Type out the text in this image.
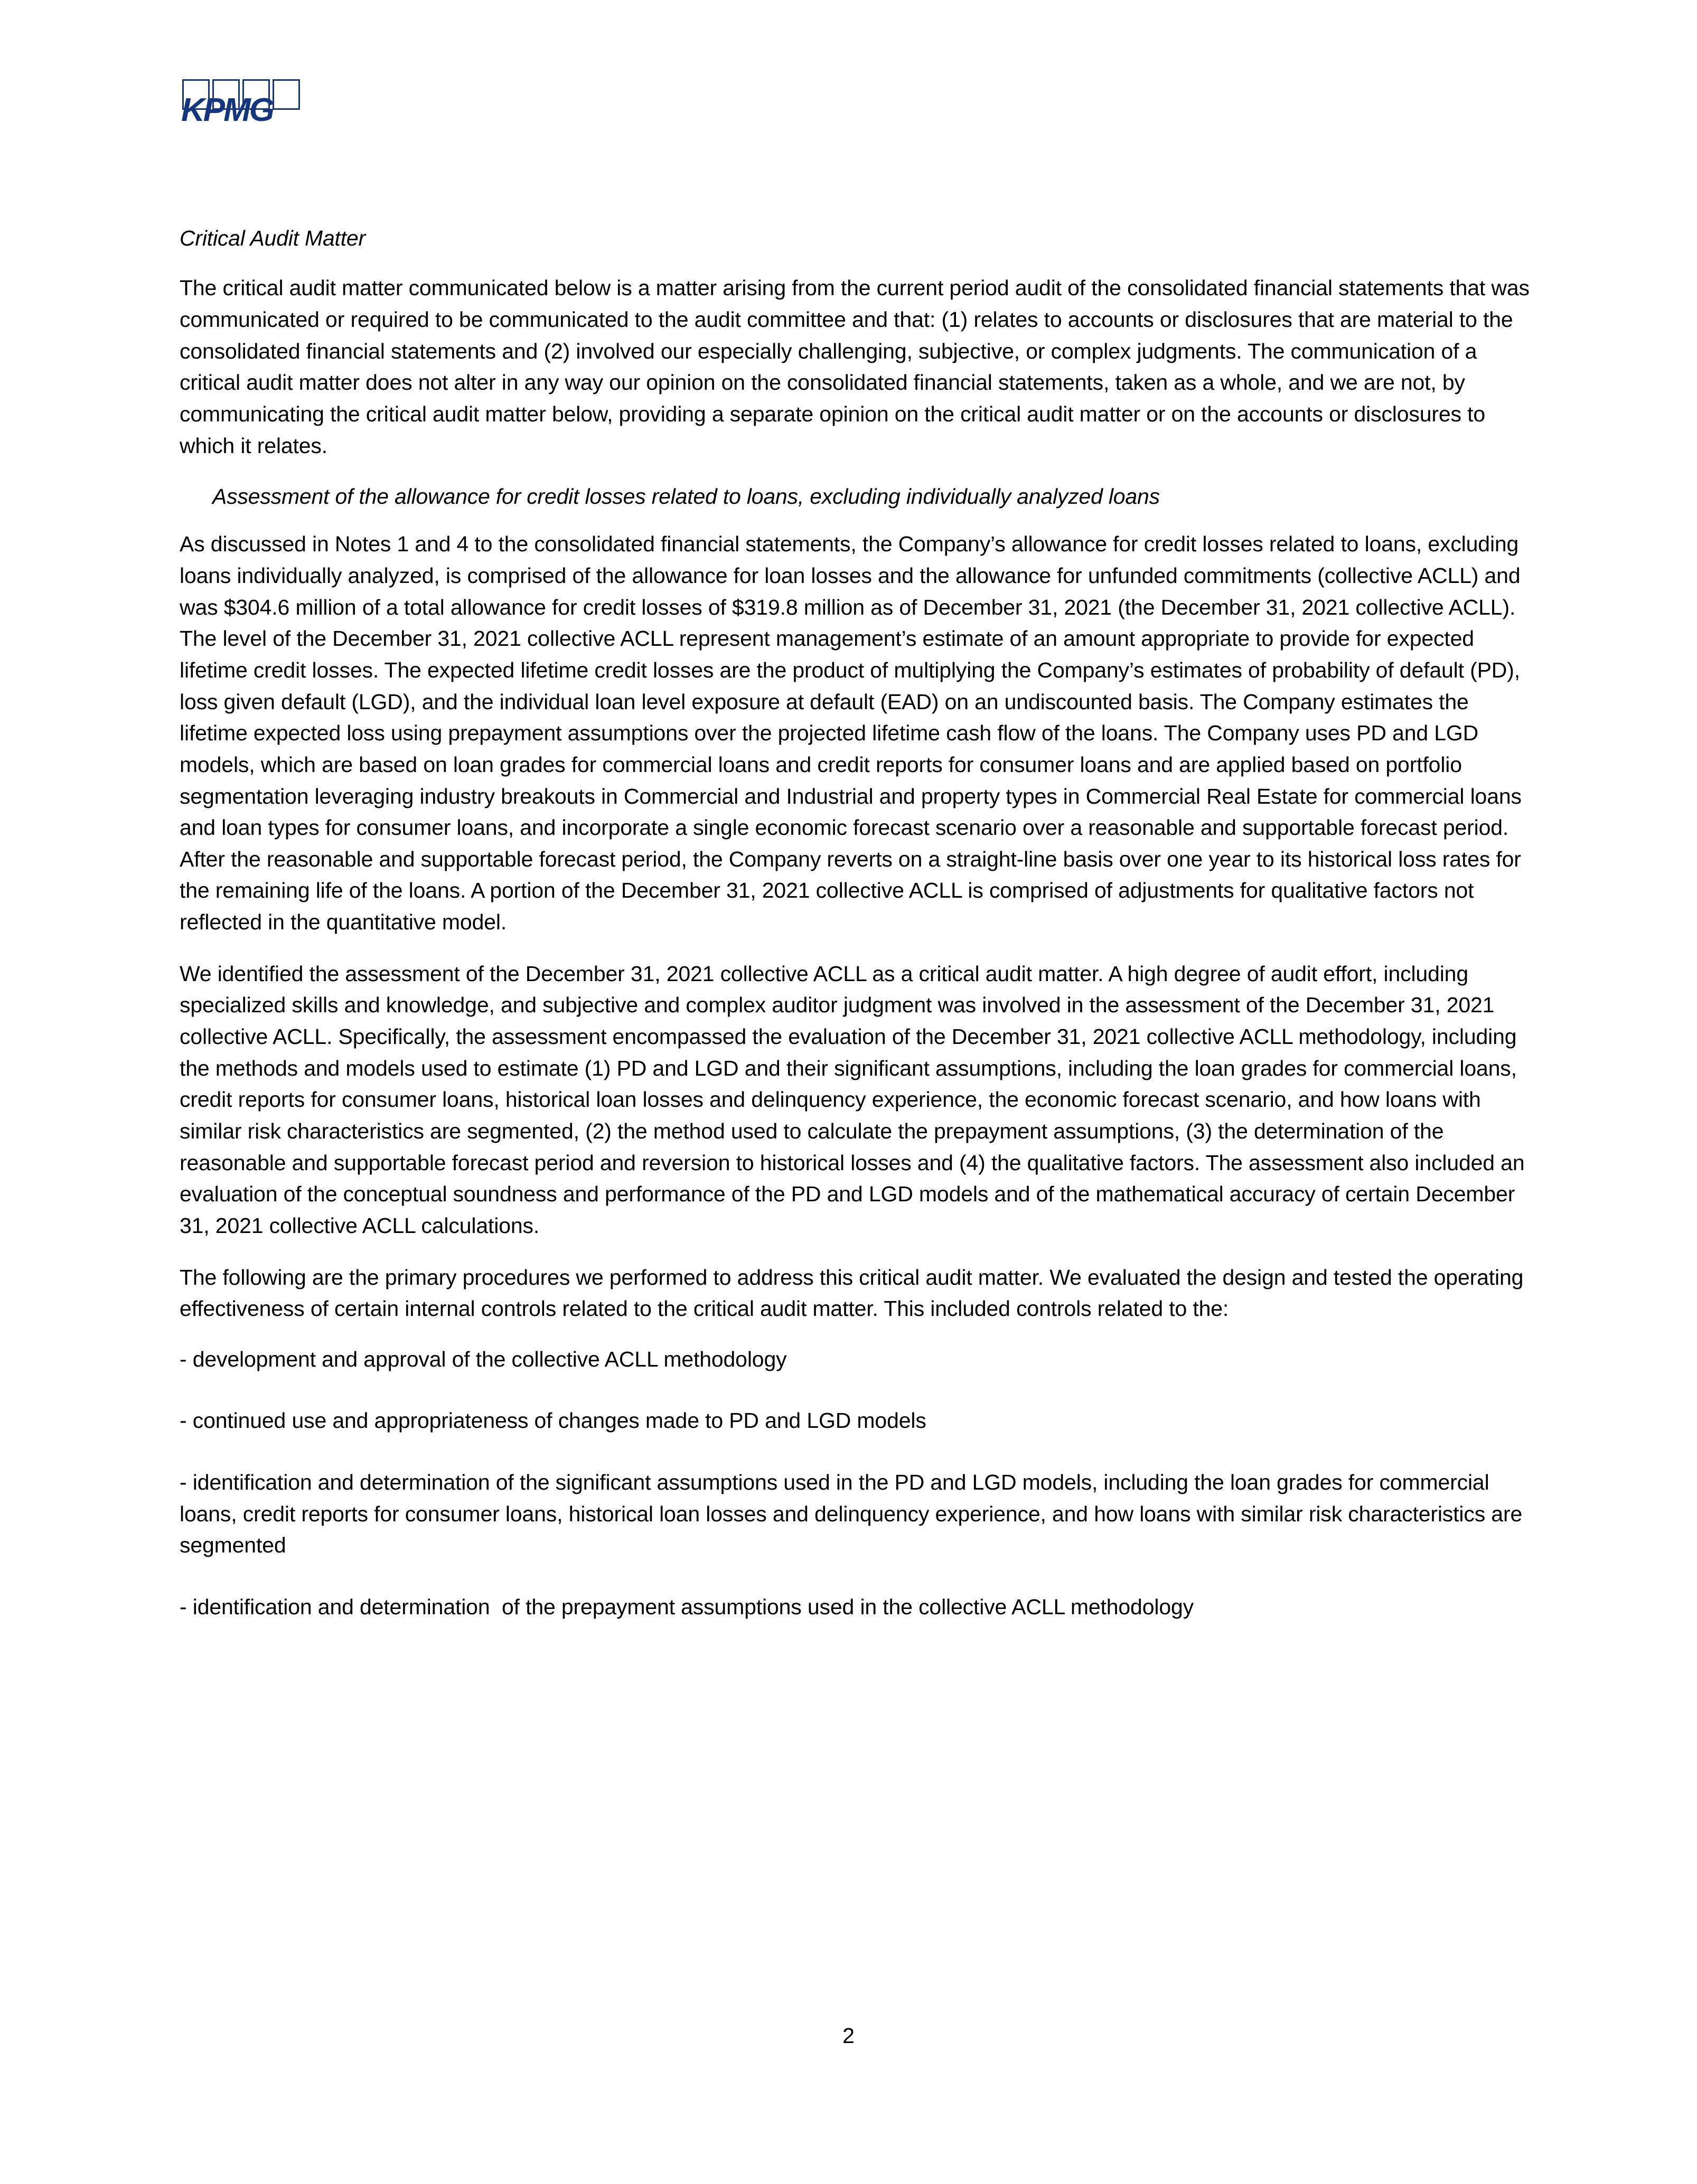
KPMG
Critical Audit Matter

The critical audit matter communicated below is a matter arising from the current period audit of the consolidated financial statements that was communicated or required to be communicated to the audit committee and that: (1) relates to accounts or disclosures that are material to the consolidated financial statements and (2) involved our especially challenging, subjective, or complex judgments. The communication of a critical audit matter does not alter in any way our opinion on the consolidated financial statements, taken as a whole, and we are not, by communicating the critical audit matter below, providing a separate opinion on the critical audit matter or on the accounts or disclosures to which it relates.

Assessment of the allowance for credit losses related to loans, excluding individually analyzed loans

As discussed in Notes 1 and 4 to the consolidated financial statements, the Company’s allowance for credit losses related to loans, excluding loans individually analyzed, is comprised of the allowance for loan losses and the allowance for unfunded commitments (collective ACLL) and was $304.6 million of a total allowance for credit losses of $319.8 million as of December 31, 2021 (the December 31, 2021 collective ACLL).  The level of the December 31, 2021 collective ACLL represent management’s estimate of an amount appropriate to provide for expected lifetime credit losses. The expected lifetime credit losses are the product of multiplying the Company’s estimates of probability of default (PD), loss given default (LGD), and the individual loan level exposure at default (EAD) on an undiscounted basis. The Company estimates the lifetime expected loss using prepayment assumptions over the projected lifetime cash flow of the loans. The Company uses PD and LGD models, which are based on loan grades for commercial loans and credit reports for consumer loans and are applied based on portfolio segmentation leveraging industry breakouts in Commercial and Industrial and property types in Commercial Real Estate for commercial loans and loan types for consumer loans, and incorporate a single economic forecast scenario over a reasonable and supportable forecast period. After the reasonable and supportable forecast period, the Company reverts on a straight-line basis over one year to its historical loss rates for the remaining life of the loans. A portion of the December 31, 2021 collective ACLL is comprised of adjustments for qualitative factors not reflected in the quantitative model.

We identified the assessment of the December 31, 2021 collective ACLL as a critical audit matter. A high degree of audit effort, including specialized skills and knowledge, and subjective and complex auditor judgment was involved in the assessment of the December 31, 2021 collective ACLL. Specifically, the assessment encompassed the evaluation of the December 31, 2021 collective ACLL methodology, including the methods and models used to estimate (1) PD and LGD and their significant assumptions, including the loan grades for commercial loans, credit reports for consumer loans, historical loan losses and delinquency experience, the economic forecast scenario, and how loans with similar risk characteristics are segmented, (2) the method used to calculate the prepayment assumptions, (3) the determination of the reasonable and supportable forecast period and reversion to historical losses and (4) the qualitative factors. The assessment also included an evaluation of the conceptual soundness and performance of the PD and LGD models and of the mathematical accuracy of certain December 31, 2021 collective ACLL calculations.

The following are the primary procedures we performed to address this critical audit matter. We evaluated the design and tested the operating effectiveness of certain internal controls related to the critical audit matter. This included controls related to the:

- development and approval of the collective ACLL methodology

- continued use and appropriateness of changes made to PD and LGD models

- identification and determination of the significant assumptions used in the PD and LGD models, including the loan grades for commercial loans, credit reports for consumer loans, historical loan losses and delinquency experience, and how loans with similar risk characteristics are segmented

- identification and determination  of the prepayment assumptions used in the collective ACLL methodology

2
